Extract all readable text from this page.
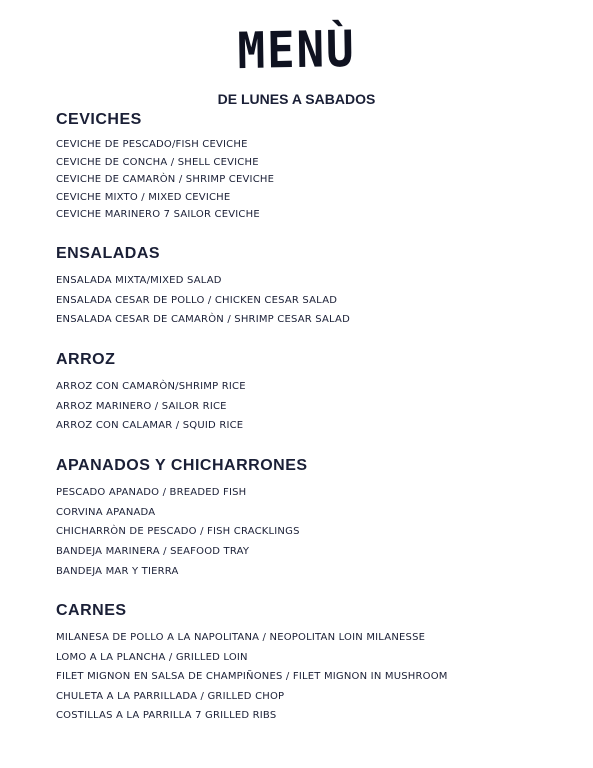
MENÙ
DE LUNES A SABADOS
CEVICHES
CEVICHE DE PESCADO/FISH CEVICHE
CEVICHE DE CONCHA / SHELL CEVICHE
CEVICHE DE CAMARÒN / SHRIMP CEVICHE
CEVICHE MIXTO / MIXED CEVICHE
CEVICHE MARINERO 7 SAILOR CEVICHE
ENSALADAS
ENSALADA MIXTA/MIXED SALAD
ENSALADA CESAR DE POLLO / CHICKEN CESAR SALAD
ENSALADA CESAR DE CAMARÒN / SHRIMP CESAR SALAD
ARROZ
ARROZ CON CAMARÒN/SHRIMP RICE
ARROZ MARINERO / SAILOR RICE
ARROZ CON CALAMAR / SQUID RICE
APANADOS Y CHICHARRONES
PESCADO APANADO / BREADED FISH
CORVINA APANADA
CHICHARRÒN DE PESCADO / FISH CRACKLINGS
BANDEJA MARINERA / SEAFOOD TRAY
BANDEJA MAR Y TIERRA
CARNES
MILANESA DE POLLO A LA NAPOLITANA / NEOPOLITAN LOIN MILANESSE
LOMO A LA PLANCHA / GRILLED LOIN
FILET MIGNON EN SALSA DE CHAMPIÑONES / FILET MIGNON IN MUSHROOM
CHULETA A LA PARRILLADA / GRILLED CHOP
COSTILLAS A LA PARRILLA 7 GRILLED RIBS
